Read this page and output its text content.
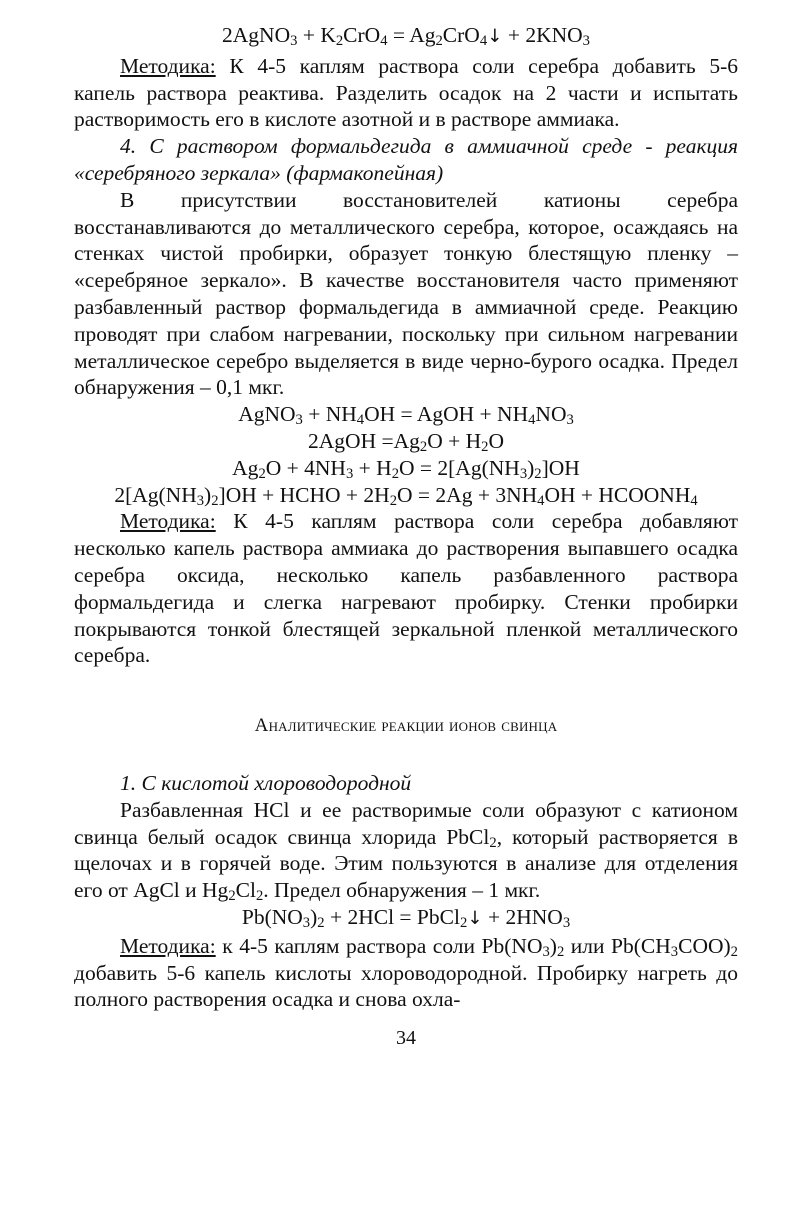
2AgNO$_3$ + $K_2CrO_4$ = $Ag_2CrO_4↓ + 2KNO_3$

Методика: К 4-5 каплям раствора соли серебра добавить 5-6 капель раствора реактива. Разделить осадок на 2 части и испытать растворимость его в кислоте азотной и в растворе аммиака.

4. С раствором формальдегида в аммиачной среде - реакция «серебряного зеркала» (фармакопейная)

В присутствии восстановителей катионы серебра восстанавливаются до металлического серебра, которое, осаждаясь на стенках чистой пробирки, образует тонкую блестящую пленку – «серебряное зеркало». В качестве восстановителя часто применяют разбавленный раствор формальдегида в аммиачной среде. Реакцию проводят при слабом нагревании, поскольку при сильном нагревании металлическое серебро выделяется в виде черно-бурого осадка. Предел обнаружения – 0,1 мкг.

AgNO$_3$ + $NH_4OH$ = AgOH + $NH_4NO_3$

2AgOH $=Ag_2O + H_2O$

$Ag_2O + 4NH_3 + H_2O = 2[Ag(NH_3)_2]OH$

$2[Ag(NH_3)_2]OH$ + HCHO + $2H_2O = 2Ag + 3NH_4OH$ + $HCOONH_4$

Методика: К 4-5 каплям раствора соли серебра добавляют несколько капель раствора аммиака до растворения выпавшего осадка серебра оксида, несколько капель разбавленного раствора формальдегида и слегка нагревают пробирку. Стенки пробирки покрываются тонкой блестящей зеркальной пленкой металлического серебра.

Аналитические реакции ионов свинца

1. С кислотой хлороводородной

Разбавленная HCl и ее растворимые соли образуют с катионом свинца белый осадок свинца хлорида PbCl$_2$, который растворяется в щелочах и в горячей воде. Этим пользуются в анализе для отделения его от AgCl и $Hg_2Cl_2$. Предел обнаружения – 1 мкг.

$Pb(NO_3)_2 + 2HCl$ = PbCl$_2$↓ + $2HNO_3$

Методика: к 4-5 каплям раствора соли $Pb(NO_3)_2$ или $Pb(CH_3COO)_2$ добавить 5-6 капель кислоты хлороводородной. Пробирку нагреть до полного растворения осадка и снова охла-

34
